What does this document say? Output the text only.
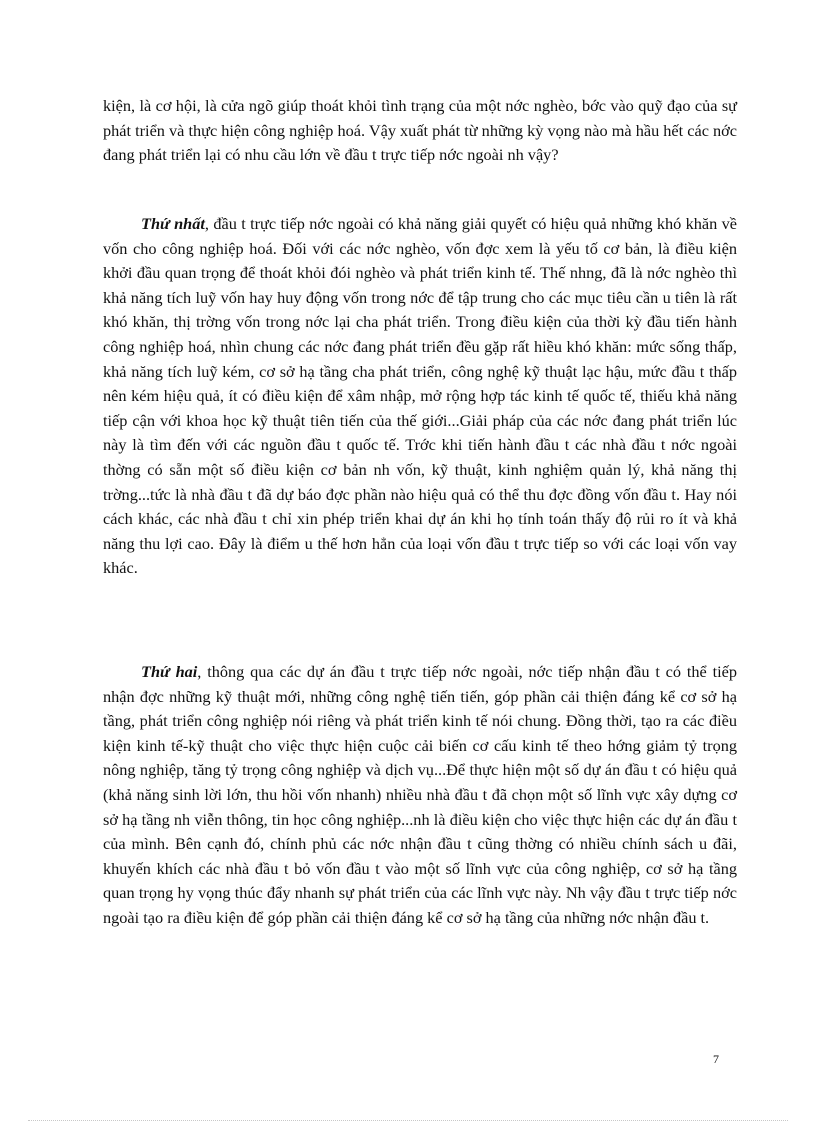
kiện, là cơ hội, là cửa ngõ giúp thoát khỏi tình trạng của một nớc nghèo, bớc vào quỹ đạo của sự phát triển và thực hiện công nghiệp hoá. Vậy xuất phát từ những kỳ vọng nào mà hầu hết các nớc đang phát triển lại có nhu cầu lớn về đầu t trực tiếp nớc ngoài nh vậy?

Thứ nhất, đầu t trực tiếp nớc ngoài có khả năng giải quyết có hiệu quả những khó khăn về vốn cho công nghiệp hoá. Đối với các nớc nghèo, vốn đợc xem là yếu tố cơ bản, là điều kiện khởi đầu quan trọng để thoát khỏi đói nghèo và phát triển kinh tế. Thế nhng, đã là nớc nghèo thì khả năng tích luỹ vốn hay huy động vốn trong nớc để tập trung cho các mục tiêu cần u tiên là rất khó khăn, thị trờng vốn trong nớc lại cha phát triển. Trong điều kiện của thời kỳ đầu tiến hành công nghiệp hoá, nhìn chung các nớc đang phát triển đều gặp rất hiều khó khăn: mức sống thấp, khả năng tích luỹ kém, cơ sở hạ tầng cha phát triển, công nghệ kỹ thuật lạc hậu, mức đầu t thấp nên kém hiệu quả, ít có điều kiện để xâm nhập, mở rộng hợp tác kinh tế quốc tế, thiếu khả năng tiếp cận với khoa học kỹ thuật tiên tiến của thế giới...Giải pháp của các nớc đang phát triển lúc này là tìm đến với các nguồn đầu t quốc tế. Trớc khi tiến hành đầu t các nhà đầu t nớc ngoài thờng có sẵn một số điều kiện cơ bản nh vốn, kỹ thuật, kinh nghiệm quản lý, khả năng thị trờng...tức là nhà đầu t đã dự báo đợc phần nào hiệu quả có thể thu đợc đồng vốn đầu t. Hay nói cách khác, các nhà đầu t chỉ xin phép triển khai dự án khi họ tính toán thấy độ rủi ro ít và khả năng thu lợi cao. Đây là điểm u thế hơn hẳn của loại vốn đầu t trực tiếp so với các loại vốn vay khác.

Thứ hai, thông qua các dự án đầu t trực tiếp nớc ngoài, nớc tiếp nhận đầu t có thể tiếp nhận đợc những kỹ thuật mới, những công nghệ tiến tiến, góp phần cải thiện đáng kể cơ sở hạ tầng, phát triển công nghiệp nói riêng và phát triển kinh tế nói chung. Đồng thời, tạo ra các điều kiện kinh tế-kỹ thuật cho việc thực hiện cuộc cải biến cơ cấu kinh tế theo hớng giảm tỷ trọng nông nghiệp, tăng tỷ trọng công nghiệp và dịch vụ...Để thực hiện một số dự án đầu t có hiệu quả (khả năng sinh lời lớn, thu hồi vốn nhanh) nhiều nhà đầu t đã chọn một số lĩnh vực xây dựng cơ sở hạ tầng nh viễn thông, tin học công nghiệp...nh là điều kiện cho việc thực hiện các dự án đầu t của mình. Bên cạnh đó, chính phủ các nớc nhận đầu t cũng thờng có nhiều chính sách u đãi, khuyến khích các nhà đầu t bỏ vốn đầu t vào một số lĩnh vực của công nghiệp, cơ sở hạ tầng quan trọng hy vọng thúc đẩy nhanh sự phát triển của các lĩnh vực này. Nh vậy đầu t trực tiếp nớc ngoài tạo ra điều kiện để góp phần cải thiện đáng kể cơ sở hạ tầng của những nớc nhận đầu t.

7
